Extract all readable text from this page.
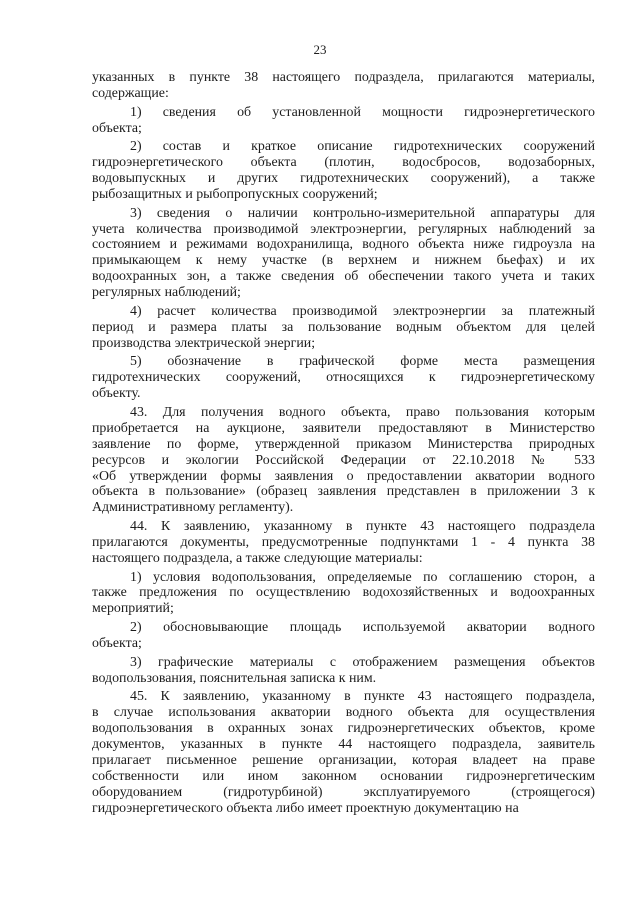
23
указанных в пункте 38 настоящего подраздела, прилагаются материалы,
содержащие:
1) сведения об установленной мощности гидроэнергетического
объекта;
2) состав и краткое описание гидротехнических сооружений
гидроэнергетического объекта (плотин, водосбросов, водозаборных,
водовыпускных и других гидротехнических сооружений), а также
рыбозащитных и рыбопропускных сооружений;
3) сведения о наличии контрольно-измерительной аппаратуры для
учета количества производимой электроэнергии, регулярных наблюдений за
состоянием и режимами водохранилища, водного объекта ниже гидроузла на
примыкающем к нему участке (в верхнем и нижнем бьефах) и их
водоохранных зон, а также сведения об обеспечении такого учета и таких
регулярных наблюдений;
4) расчет количества производимой электроэнергии за платежный
период и размера платы за пользование водным объектом для целей
производства электрической энергии;
5) обозначение в графической форме места размещения
гидротехнических сооружений, относящихся к гидроэнергетическому
объекту.
43. Для получения водного объекта, право пользования которым
приобретается на аукционе, заявители предоставляют в Министерство
заявление по форме, утвержденной приказом Министерства природных
ресурсов и экологии Российской Федерации от 22.10.2018 № 533
«Об утверждении формы заявления о предоставлении акватории водного
объекта в пользование» (образец заявления представлен в приложении 3 к
Административному регламенту).
44. К заявлению, указанному в пункте 43 настоящего подраздела
прилагаются документы, предусмотренные подпунктами 1 - 4 пункта 38
настоящего подраздела, а также следующие материалы:
1) условия водопользования, определяемые по соглашению сторон, а
также предложения по осуществлению водохозяйственных и водоохранных
мероприятий;
2) обосновывающие площадь используемой акватории водного
объекта;
3) графические материалы с отображением размещения объектов
водопользования, пояснительная записка к ним.
45. К заявлению, указанному в пункте 43 настоящего подраздела,
в случае использования акватории водного объекта для осуществления
водопользования в охранных зонах гидроэнергетических объектов, кроме
документов, указанных в пункте 44 настоящего подраздела, заявитель
прилагает письменное решение организации, которая владеет на праве
собственности или ином законном основании гидроэнергетическим
оборудованием (гидротурбиной) эксплуатируемого (строящегося)
гидроэнергетического объекта либо имеет проектную документацию на
